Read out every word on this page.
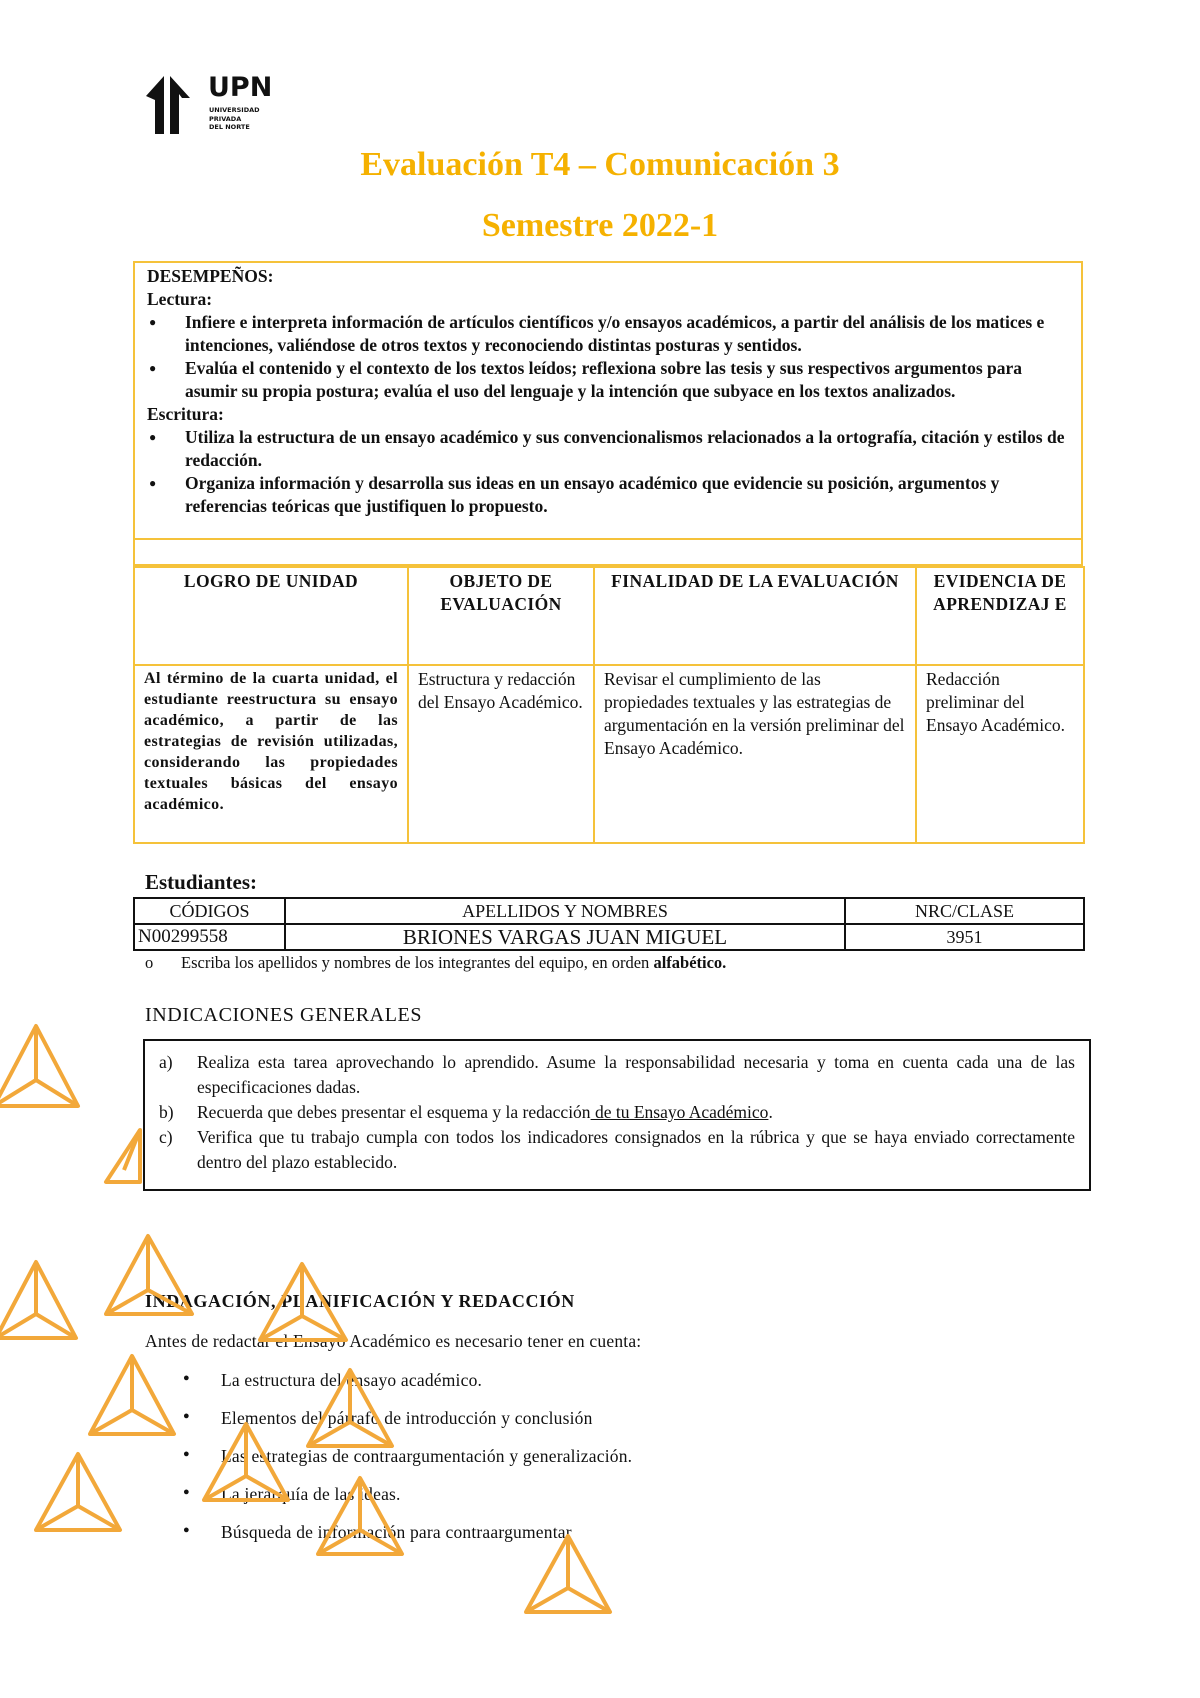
UPN
UNIVERSIDAD
PRIVADA
DEL NORTE
Evaluación T4 – Comunicación 3
Semestre 2022-1
DESEMPEÑOS:
Lectura:
● Infiere e interpreta información de artículos científicos y/o ensayos académicos, a partir del análisis de los matices e intenciones, valiéndose de otros textos y reconociendo distintas posturas y sentidos.
● Evalúa el contenido y el contexto de los textos leídos; reflexiona sobre las tesis y sus respectivos argumentos para asumir su propia postura; evalúa el uso del lenguaje y la intención que subyace en los textos analizados.
Escritura:
● Utiliza la estructura de un ensayo académico y sus convencionalismos relacionados a la ortografía, citación y estilos de redacción.
● Organiza información y desarrolla sus ideas en un ensayo académico que evidencie su posición, argumentos y referencias teóricas que justifiquen lo propuesto.
LOGRO DE UNIDAD	OBJETO DE EVALUACIÓN	FINALIDAD DE LA EVALUACIÓN	EVIDENCIA DE APRENDIZAJ E
Al término de la cuarta unidad, el estudiante reestructura su ensayo académico, a partir de las estrategias de revisión utilizadas, considerando las propiedades textuales básicas del ensayo académico.	Estructura y redacción del Ensayo Académico.	Revisar el cumplimiento de las propiedades textuales y las estrategias de argumentación en la versión preliminar del Ensayo Académico.	Redacción preliminar del Ensayo Académico.
Estudiantes:
CÓDIGOS	APELLIDOS Y NOMBRES	NRC/CLASE
N00299558	BRIONES VARGAS JUAN MIGUEL	3951
o Escriba los apellidos y nombres de los integrantes del equipo, en orden alfabético.
INDICACIONES GENERALES
a)	Realiza esta tarea aprovechando lo aprendido. Asume la responsabilidad necesaria y toma en cuenta cada una de las especificaciones dadas.
b)	Recuerda que debes presentar el esquema y la redacción de tu Ensayo Académico.
c)	Verifica que tu trabajo cumpla con todos los indicadores consignados en la rúbrica y que se haya enviado correctamente dentro del plazo establecido.
INDAGACIÓN, PLANIFICACIÓN Y REDACCIÓN
Antes de redactar el Ensayo Académico es necesario tener en cuenta:
● La estructura del ensayo académico.
● Elementos del párrafo de introducción y conclusión
● Las estrategias de contraargumentación y generalización.
● La jerarquía de las ideas.
● Búsqueda de información para contraargumentar
